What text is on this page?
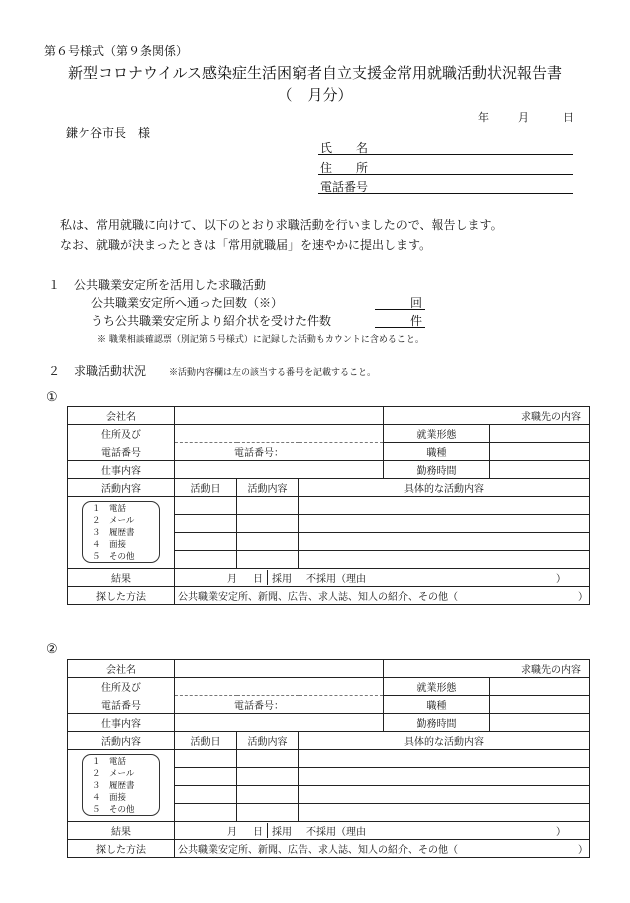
第６号様式（第９条関係）
新型コロナウイルス感染症生活困窮者自立支援金常用就職活動状況報告書
（　月分）
年	月	日
鎌ケ谷市長　様
氏　　名
住　　所
電話番号
私は、常用就職に向けて、以下のとおり求職活動を行いましたので、報告します。
なお、就職が決まったときは「常用就職届」を速やかに提出します。
１ 公共職業安定所を活用した求職活動
公共職業安定所へ通った回数（※）	回
うち公共職業安定所より紹介状を受けた件数	件
※ 職業相談確認票（別記第５号様式）に記録した活動もカウントに含めること。
２ 求職活動状況	※活動内容欄は左の該当する番号を記載すること。
①
会社名				求職先の内容	
住所及び				就業形態	
電話番号	電話番号：			職種	
仕事内容				勤務時間	
活動内容	活動日	活動内容	具体的な活動内容		

１　電話
２　メール
３　履歴書
４　面接
５　その他					

結果	月 日 採用 不採用（理由 ）				
探した方法	公共職業安定所、新聞、広告、求人誌、知人の紹介、その他（ ）				
②
会社名				求職先の内容	
住所及び				就業形態	
電話番号	電話番号：			職種	
仕事内容				勤務時間	
活動内容	活動日	活動内容	具体的な活動内容		

１　電話
２　メール
３　履歴書
４　面接
５　その他					

結果	月 日 採用 不採用（理由 ）				
探した方法	公共職業安定所、新聞、広告、求人誌、知人の紹介、その他（ ）				
